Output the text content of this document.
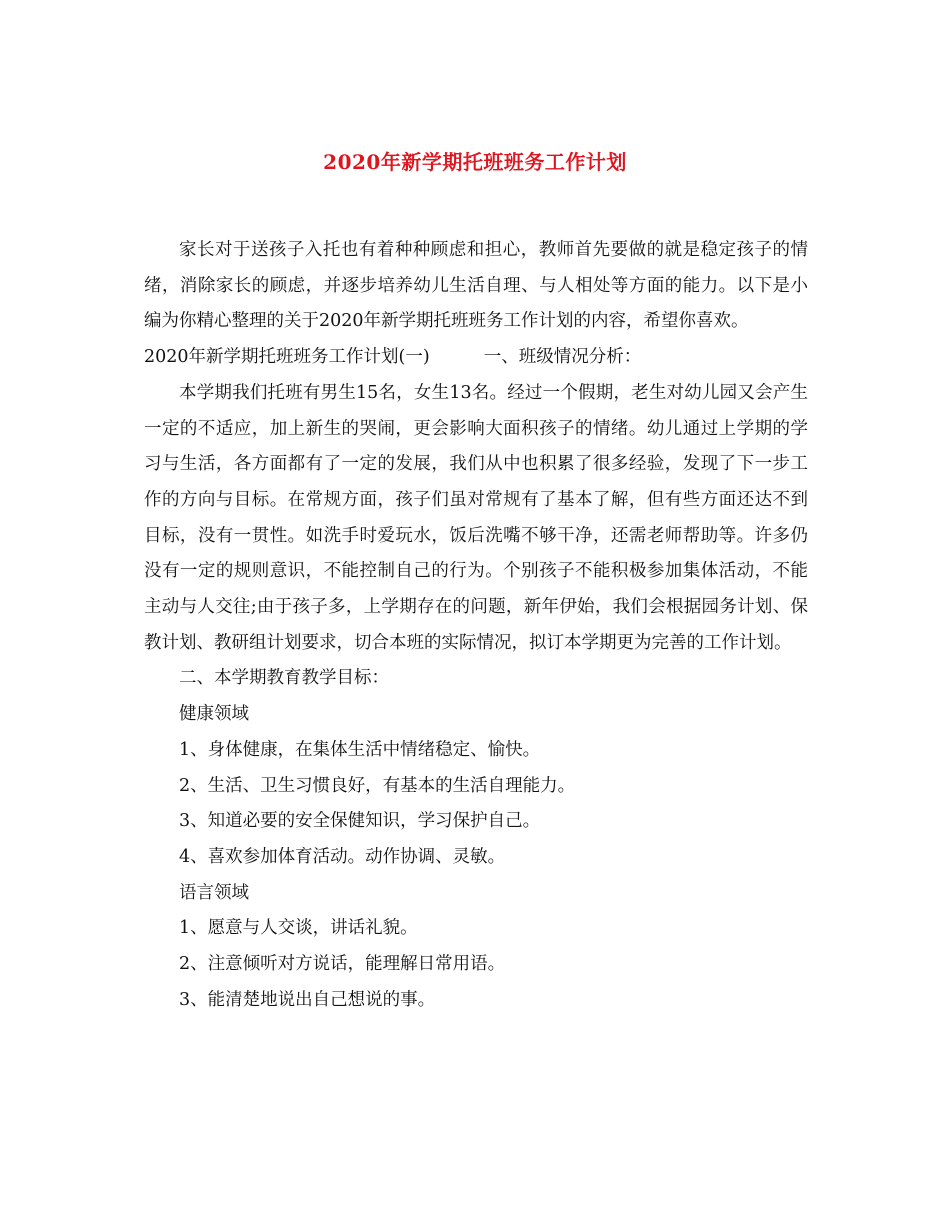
2020年新学期托班班务工作计划

家长对于送孩子入托也有着种种顾虑和担心，教师首先要做的就是稳定孩子的情绪，消除家长的顾虑，并逐步培养幼儿生活自理、与人相处等方面的能力。以下是小编为你精心整理的关于2020年新学期托班班务工作计划的内容，希望你喜欢。

2020年新学期托班班务工作计划(一)	一、班级情况分析：

本学期我们托班有男生15名，女生13名。经过一个假期，老生对幼儿园又会产生一定的不适应，加上新生的哭闹，更会影响大面积孩子的情绪。幼儿通过上学期的学习与生活，各方面都有了一定的发展，我们从中也积累了很多经验，发现了下一步工作的方向与目标。在常规方面，孩子们虽对常规有了基本了解，但有些方面还达不到目标，没有一贯性。如洗手时爱玩水，饭后洗嘴不够干净，还需老师帮助等。许多仍没有一定的规则意识，不能控制自己的行为。个别孩子不能积极参加集体活动，不能主动与人交往;由于孩子多，上学期存在的问题，新年伊始，我们会根据园务计划、保教计划、教研组计划要求，切合本班的实际情况，拟订本学期更为完善的工作计划。

二、本学期教育教学目标：

健康领域

1、身体健康，在集体生活中情绪稳定、愉快。

2、生活、卫生习惯良好，有基本的生活自理能力。

3、知道必要的安全保健知识，学习保护自己。

4、喜欢参加体育活动。动作协调、灵敏。

语言领域

1、愿意与人交谈，讲话礼貌。

2、注意倾听对方说话，能理解日常用语。

3、能清楚地说出自己想说的事。
